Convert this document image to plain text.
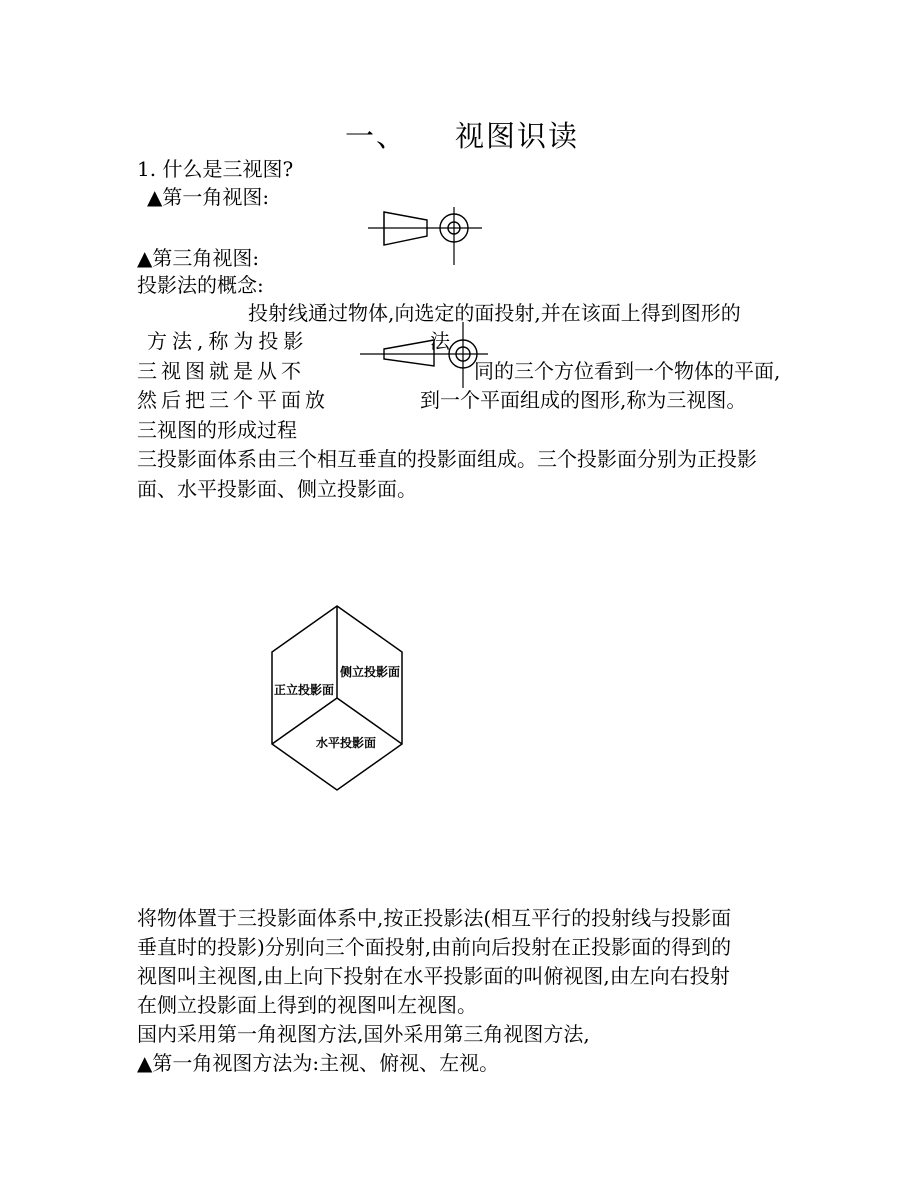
一、 视图识读
1. 什么是三视图?
▲第一角视图:
▲第三角视图:
投影法的概念:
投射线通过物体,向选定的面投射,并在该面上得到图形的
方法,称为投影	法
三视图就是从不	同的三个方位看到一个物体的平面,
然后把三个平面放	到一个平面组成的图形,称为三视图。
三视图的形成过程
三投影面体系由三个相互垂直的投影面组成。三个投影面分别为正投影
面、水平投影面、侧立投影面。
正立投影面
侧立投影面
水平投影面
将物体置于三投影面体系中,按正投影法(相互平行的投射线与投影面
垂直时的投影)分别向三个面投射,由前向后投射在正投影面的得到的
视图叫主视图,由上向下投射在水平投影面的叫俯视图,由左向右投射
在侧立投影面上得到的视图叫左视图。
国内采用第一角视图方法,国外采用第三角视图方法,
▲第一角视图方法为:主视、俯视、左视。
